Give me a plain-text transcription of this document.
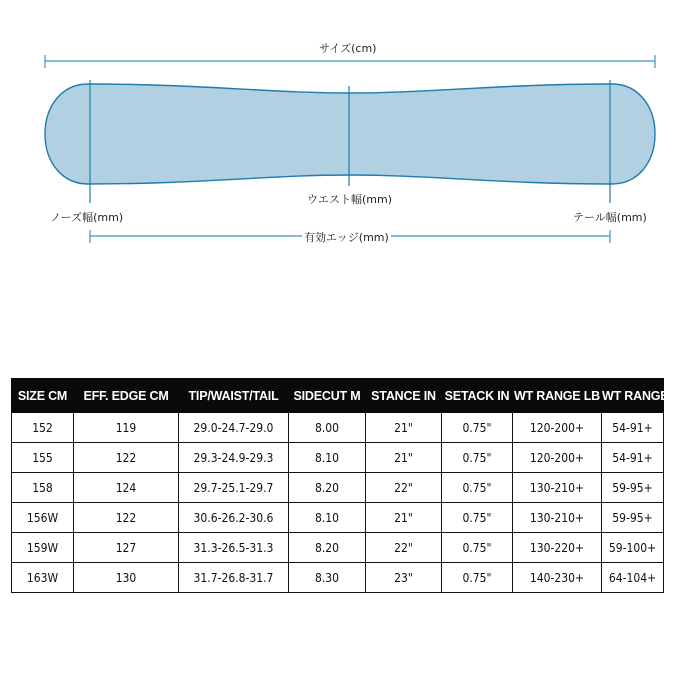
サイズ(cm)
ウエスト幅(mm)
ノーズ幅(mm)	テール幅(mm)
有効エッジ(mm)
SIZE CM	EFF. EDGE CM	TIP/WAIST/TAIL	SIDECUT M	STANCE IN	SETACK IN	WT RANGE LB	WT RANGE KG
152	119	29.0-24.7-29.0	8.00	21"	0.75"	120-200+	54-91+
155	122	29.3-24.9-29.3	8.10	21"	0.75"	120-200+	54-91+
158	124	29.7-25.1-29.7	8.20	22"	0.75"	130-210+	59-95+
156W	122	30.6-26.2-30.6	8.10	21"	0.75"	130-210+	59-95+
159W	127	31.3-26.5-31.3	8.20	22"	0.75"	130-220+	59-100+
163W	130	31.7-26.8-31.7	8.30	23"	0.75"	140-230+	64-104+
